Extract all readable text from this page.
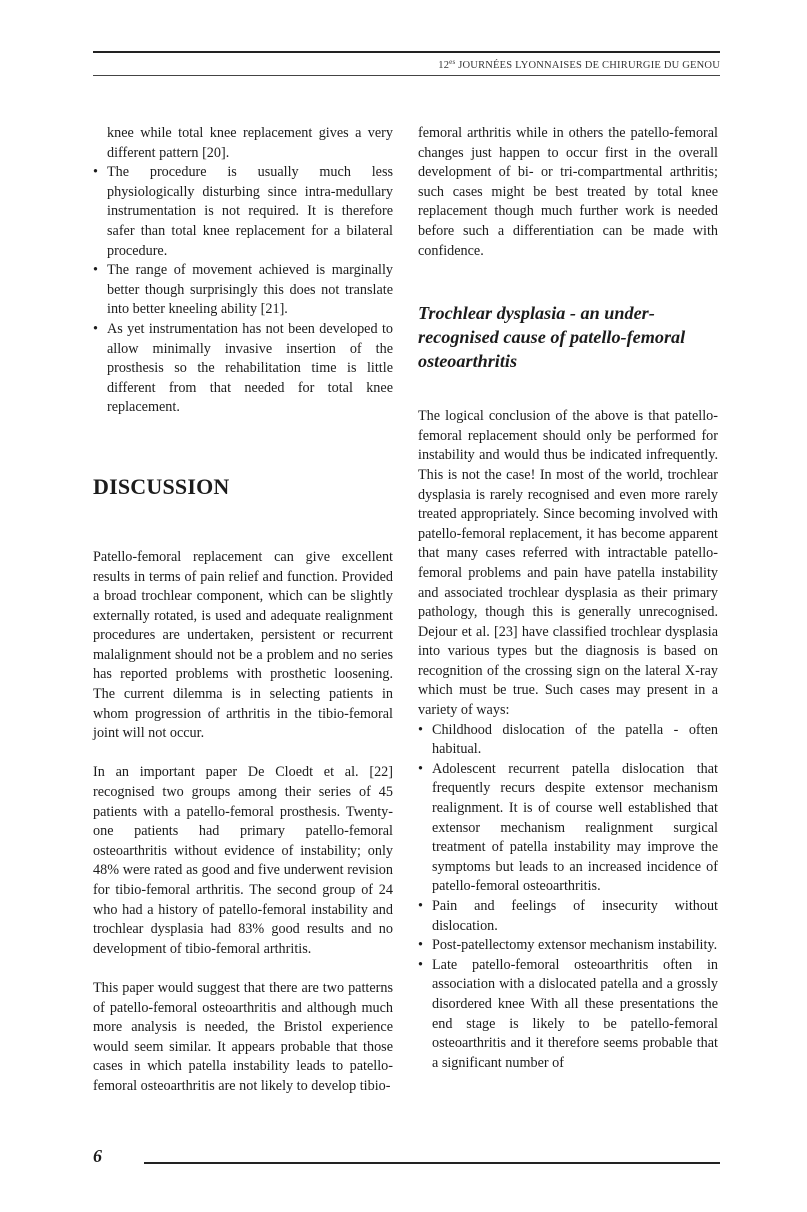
$12^{es}$ JOURNÉES LYONNAISES DE CHIRURGIE DU GENOU

knee while total knee replacement gives a very different pattern [20].

• The procedure is usually much less physiologically disturbing since intra-medullary instrumentation is not required. It is therefore safer than total knee replacement for a bilateral procedure.
• The range of movement achieved is marginally better though surprisingly this does not translate into better kneeling ability [21].
• As yet instrumentation has not been developed to allow minimally invasive insertion of the prosthesis so the rehabilitation time is little different from that needed for total knee replacement.
DISCUSSION

Patello-femoral replacement can give excellent results in terms of pain relief and function. Provided a broad trochlear component, which can be slightly externally rotated, is used and adequate realignment procedures are undertaken, persistent or recurrent malalignment should not be a problem and no series has reported problems with prosthetic loosening. The current dilemma is in selecting patients in whom progression of arthritis in the tibio-femoral joint will not occur.

In an important paper De Cloedt et al. [22] recognised two groups among their series of 45 patients with a patello-femoral prosthesis. Twenty-one patients had primary patello-femoral osteoarthritis without evidence of instability; only 48% were rated as good and five underwent revision for tibio-femoral arthritis. The second group of 24 who had a history of patello-femoral instability and trochlear dysplasia had 83% good results and no development of tibio-femoral arthritis.

This paper would suggest that there are two patterns of patello-femoral osteoarthritis and although much more analysis is needed, the Bristol experience would seem similar. It appears probable that those cases in which patella instability leads to patello-femoral osteoarthritis are not likely to develop tibio-

femoral arthritis while in others the patello-femoral changes just happen to occur first in the overall development of bi- or tri-compartmental arthritis; such cases might be best treated by total knee replacement though much further work is needed before such a differentiation can be made with confidence.

Trochlear dysplasia - an under-recognised cause of patello-femoral osteoarthritis

The logical conclusion of the above is that patello-femoral replacement should only be performed for instability and would thus be indicated infrequently. This is not the case! In most of the world, trochlear dysplasia is rarely recognised and even more rarely treated appropriately. Since becoming involved with patello-femoral replacement, it has become apparent that many cases referred with intractable patello-femoral problems and pain have patella instability and associated trochlear dysplasia as their primary pathology, though this is generally unrecognised. Dejour et al. [23] have classified trochlear dysplasia into various types but the diagnosis is based on recognition of the crossing sign on the lateral X-ray which must be true. Such cases may present in a variety of ways:

• Childhood dislocation of the patella - often habitual.
• Adolescent recurrent patella dislocation that frequently recurs despite extensor mechanism realignment. It is of course well established that extensor mechanism realignment surgical treatment of patella instability may improve the symptoms but leads to an increased incidence of patello-femoral osteoarthritis.
• Pain and feelings of insecurity without dislocation.
• Post-patellectomy extensor mechanism instability.
• Late patello-femoral osteoarthritis often in association with a dislocated patella and a grossly disordered knee With all these presentations the end stage is likely to be patello-femoral osteoarthritis and it therefore seems probable that a significant number of
6
